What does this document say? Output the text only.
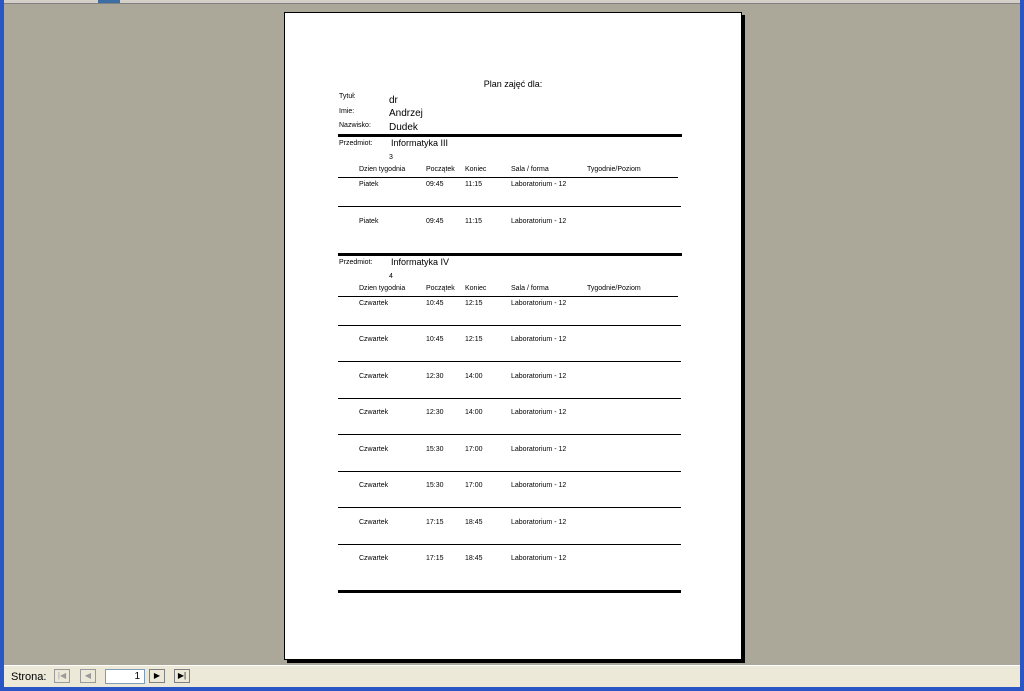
Plan zajęć dla:
Tytuł:	dr
Imie:	Andrzej
Nazwisko: Dudek
Przedmiot: Informatyka III
3
Dzien tygodnia	Początek Koniec	Sala / forma	Tygodnie/Poziom
Piatek	09:45	11:15	Laboratorium - 12
Piatek	09:45	11:15	Laboratorium - 12
Przedmiot: Informatyka IV
4
Dzien tygodnia	Początek Koniec	Sala / forma	Tygodnie/Poziom
Czwartek	10:45	12:15	Laboratorium - 12
Czwartek	10:45	12:15	Laboratorium - 12
Czwartek	12:30	14:00	Laboratorium - 12
Czwartek	12:30	14:00	Laboratorium - 12
Czwartek	15:30	17:00	Laboratorium - 12
Czwartek	15:30	17:00	Laboratorium - 12
Czwartek	17:15	18:45	Laboratorium - 12
Czwartek	17:15	18:45	Laboratorium - 12
Strona:	|◀	◀	1	▶	▶|
